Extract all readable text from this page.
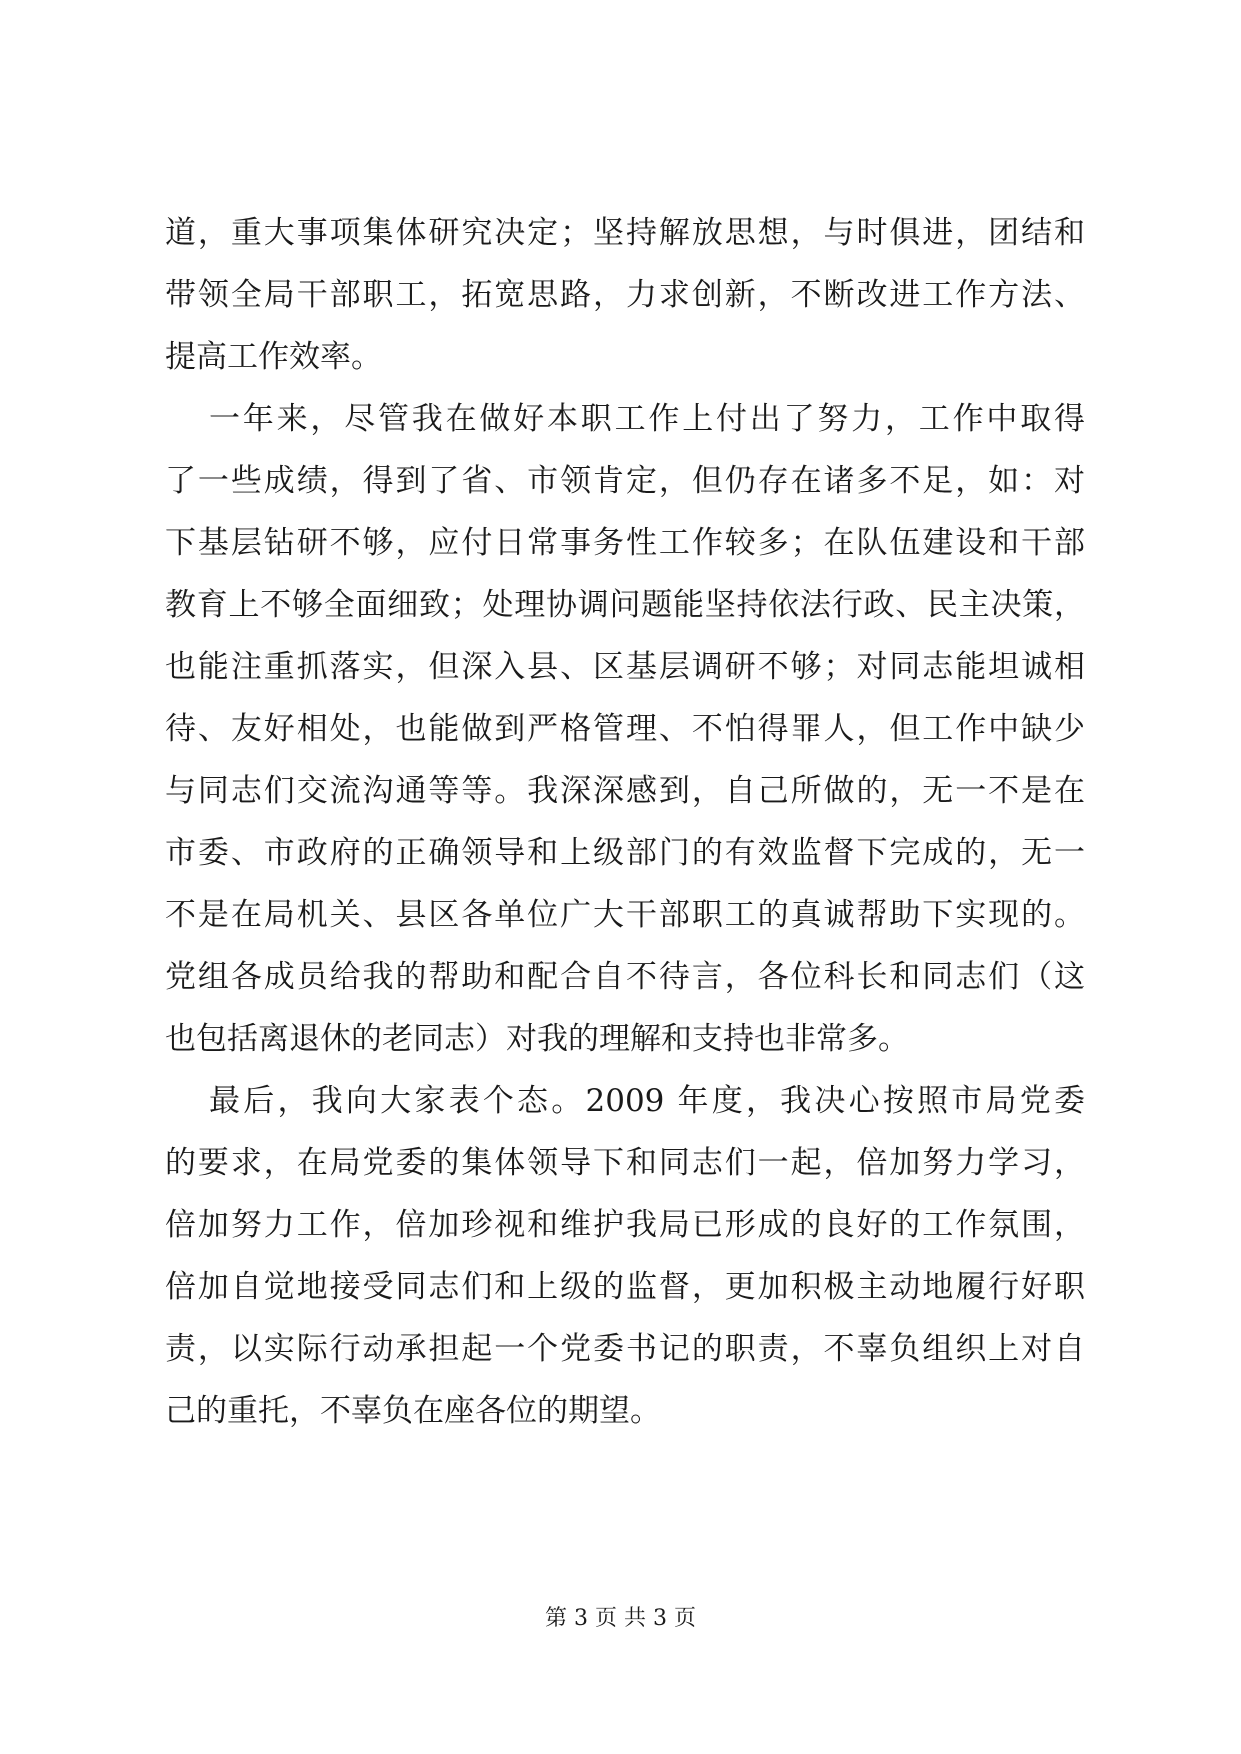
道，重大事项集体研究决定；坚持解放思想，与时俱进，团结和
带领全局干部职工，拓宽思路，力求创新，不断改进工作方法、
提高工作效率。
一年来，尽管我在做好本职工作上付出了努力，工作中取得
了一些成绩，得到了省、市领肯定，但仍存在诸多不足，如：对
下基层钻研不够，应付日常事务性工作较多；在队伍建设和干部
教育上不够全面细致；处理协调问题能坚持依法行政、民主决策，
也能注重抓落实，但深入县、区基层调研不够；对同志能坦诚相
待、友好相处，也能做到严格管理、不怕得罪人，但工作中缺少
与同志们交流沟通等等。我深深感到，自己所做的，无一不是在
市委、市政府的正确领导和上级部门的有效监督下完成的，无一
不是在局机关、县区各单位广大干部职工的真诚帮助下实现的。
党组各成员给我的帮助和配合自不待言，各位科长和同志们（这
也包括离退休的老同志）对我的理解和支持也非常多。
最后，我向大家表个态。2009 年度，我决心按照市局党委
的要求，在局党委的集体领导下和同志们一起，倍加努力学习，
倍加努力工作，倍加珍视和维护我局已形成的良好的工作氛围，
倍加自觉地接受同志们和上级的监督，更加积极主动地履行好职
责，以实际行动承担起一个党委书记的职责，不辜负组织上对自
己的重托，不辜负在座各位的期望。
第 3 页 共 3 页
